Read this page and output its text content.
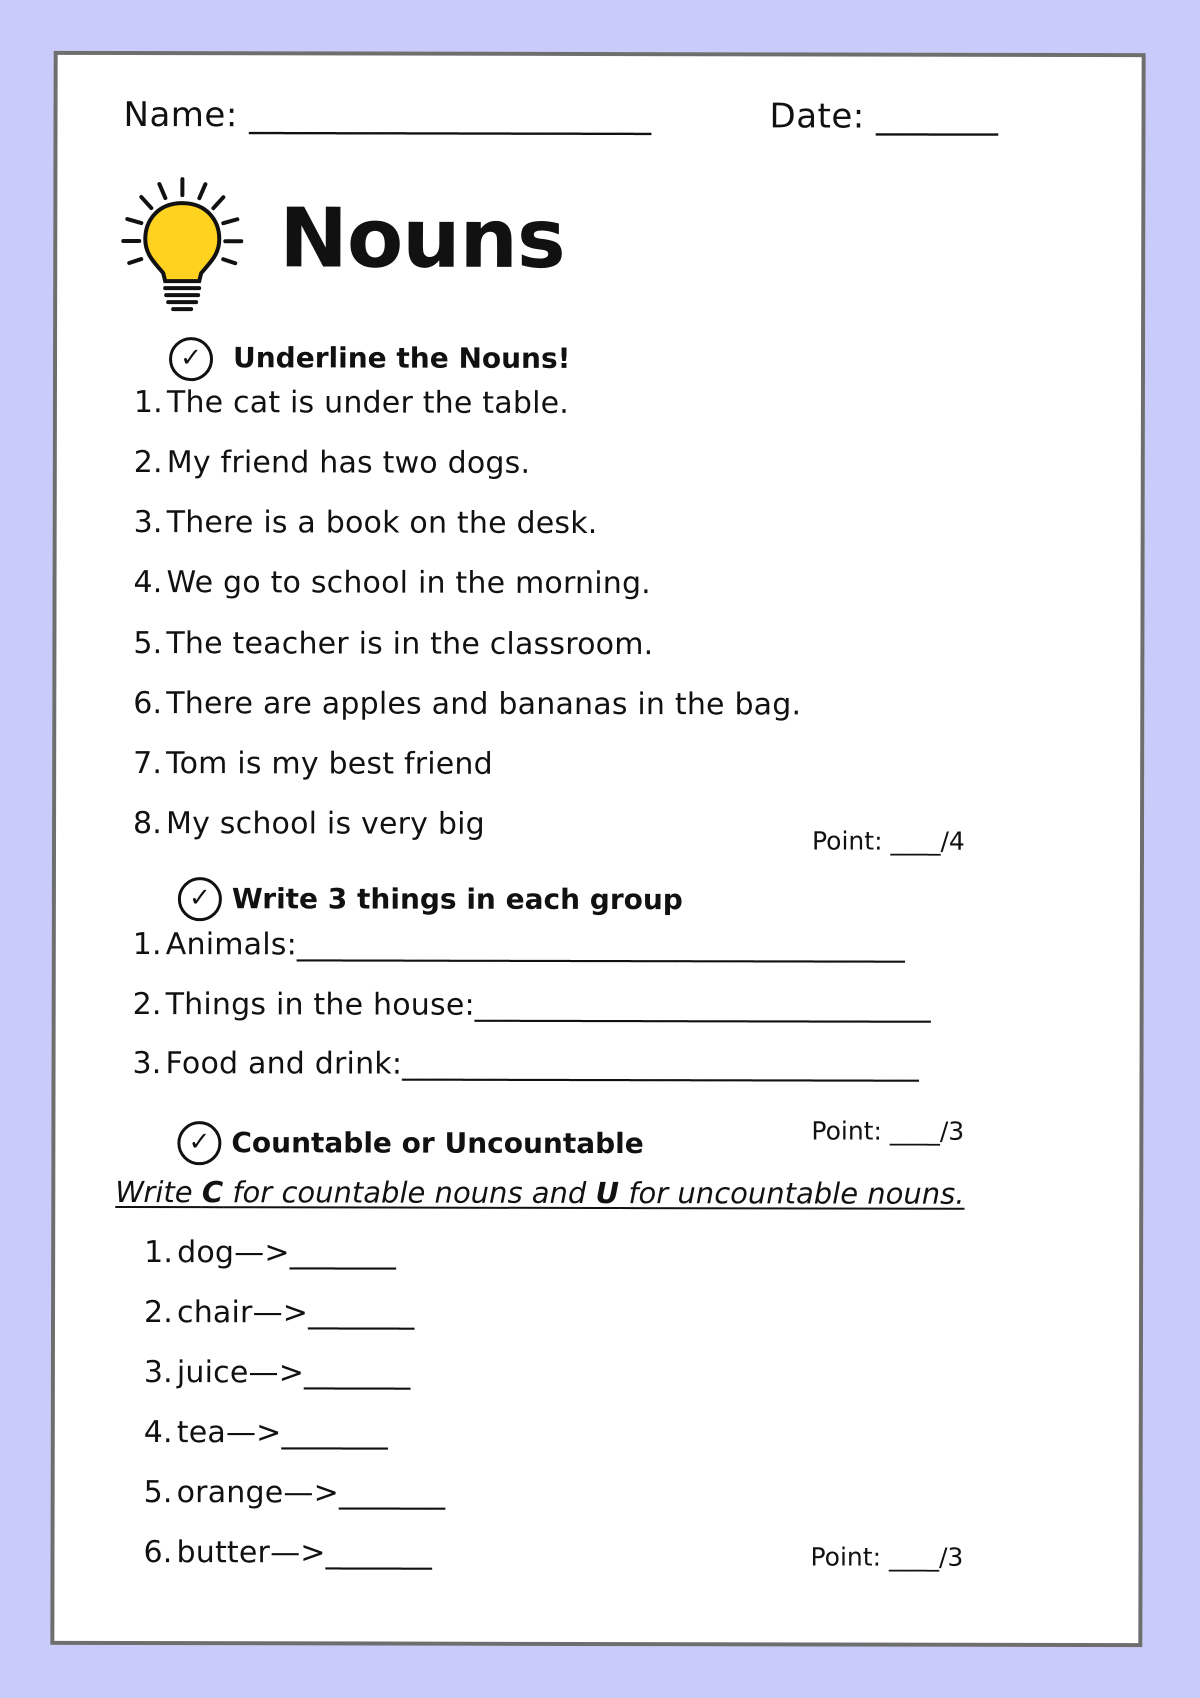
Name: _______________________	Date: _______
Nouns
✓ Underline the Nouns!
1. The cat is under the table.
2. My friend has two dogs.
3. There is a book on the desk.
4. We go to school in the morning.
5. The teacher is in the classroom.
6. There are apples and bananas in the bag.
7. Tom is my best friend
8. My school is very big	Point: ____/4
✓ Write 3 things in each group
1. Animals:________________________________________
2. Things in the house:______________________________
3. Food and drink:__________________________________
✓ Countable or Uncountable	Point: ____/3
Write C for countable nouns and U for uncountable nouns.
1. dog—>_______
2. chair—>_______
3. juice—>_______
4. tea—>_______
5. orange—>_______
6. butter—>_______	Point: ____/3
